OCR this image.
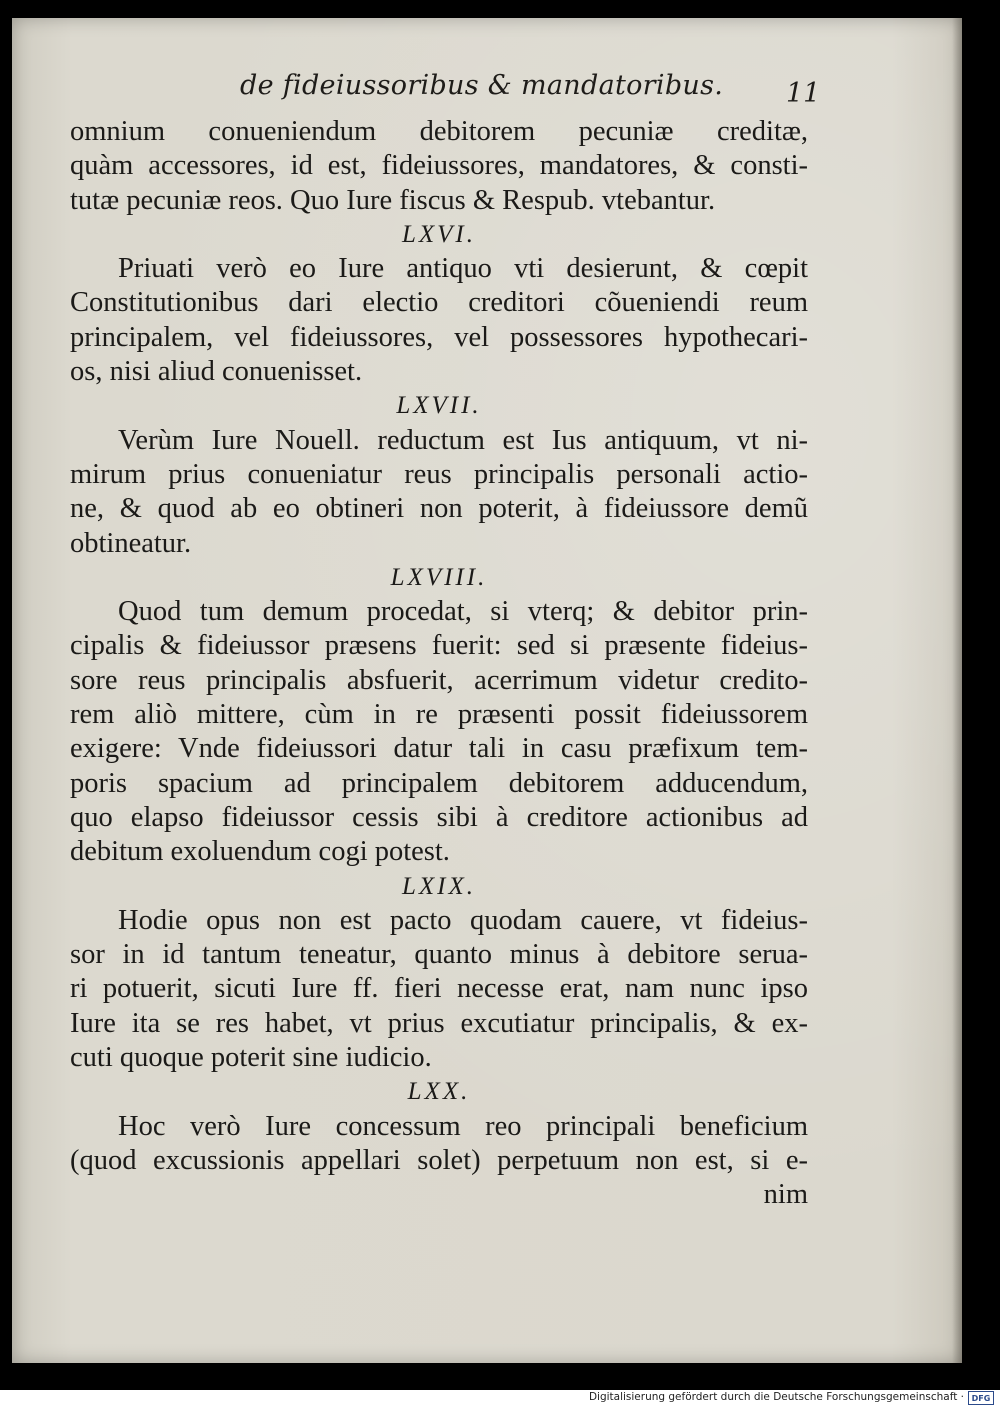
de fideiussoribus & mandatoribus. 11
omnium conueniendum debitorem pecuniæ creditæ,
quàm accessores, id est, fideiussores, mandatores, & consti-
tutæ pecuniæ reos. Quo Iure fiscus & Respub. vtebantur.
LXVI.
Priuati verò eo Iure antiquo vti desierunt, & cœpit
Constitutionibus dari electio creditori cõueniendi reum
principalem, vel fideiussores, vel possessores hypothecari-
os, nisi aliud conuenisset.
LXVII.
Verùm Iure Nouell. reductum est Ius antiquum, vt ni-
mirum prius conueniatur reus principalis personali actio-
ne, & quod ab eo obtineri non poterit, à fideiussore demũ
obtineatur.
LXVIII.
Quod tum demum procedat, si vterq; & debitor prin-
cipalis & fideiussor præsens fuerit: sed si præsente fideius-
sore reus principalis absfuerit, acerrimum videtur credito-
rem aliò mittere, cùm in re præsenti possit fideiussorem
exigere: Vnde fideiussori datur tali in casu præfixum tem-
poris spacium ad principalem debitorem adducendum,
quo elapso fideiussor cessis sibi à creditore actionibus ad
debitum exoluendum cogi potest.
LXIX.
Hodie opus non est pacto quodam cauere, vt fideius-
sor in id tantum teneatur, quanto minus à debitore serua-
ri potuerit, sicuti Iure ff. fieri necesse erat, nam nunc ipso
Iure ita se res habet, vt prius excutiatur principalis, & ex-
cuti quoque poterit sine iudicio.
LXX.
Hoc verò Iure concessum reo principali beneficium
(quod excussionis appellari solet) perpetuum non est, si e-
nim
Digitalisierung gefördert durch die Deutsche Forschungsgemeinschaft · DFG
